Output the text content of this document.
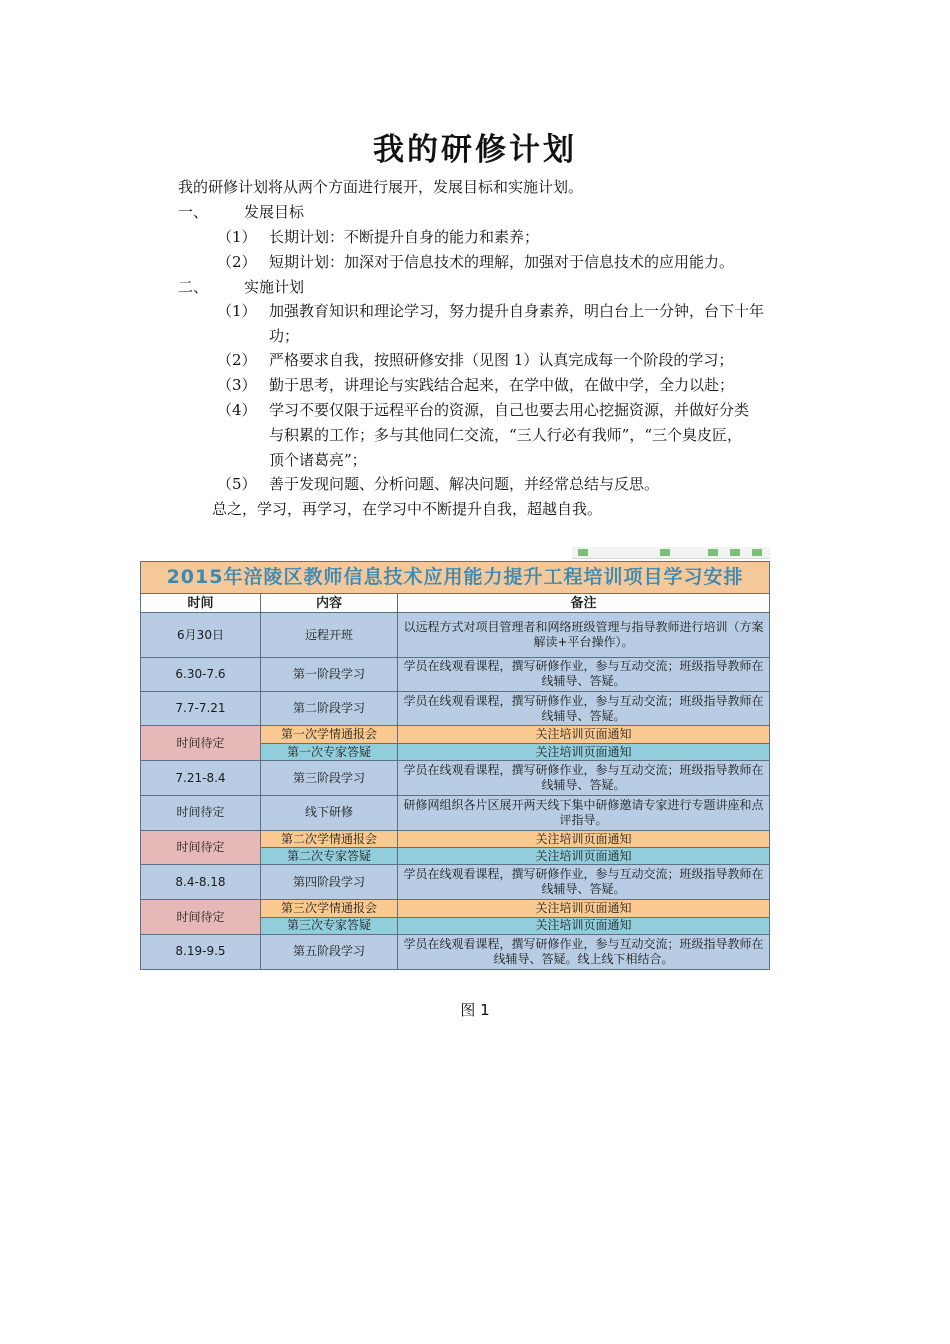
我的研修计划
我的研修计划将从两个方面进行展开，发展目标和实施计划。
一、 发展目标
（1） 长期计划：不断提升自身的能力和素养；
（2） 短期计划：加深对于信息技术的理解，加强对于信息技术的应用能力。
二、 实施计划
（1） 加强教育知识和理论学习，努力提升自身素养，明白台上一分钟，台下十年
功；
（2） 严格要求自我，按照研修安排（见图 1）认真完成每一个阶段的学习；
（3） 勤于思考，讲理论与实践结合起来，在学中做，在做中学，全力以赴；
（4） 学习不要仅限于远程平台的资源，自己也要去用心挖掘资源，并做好分类
与积累的工作；多与其他同仁交流，“三人行必有我师”，“三个臭皮匠，
顶个诸葛亮”；
（5） 善于发现问题、分析问题、解决问题，并经常总结与反思。
总之，学习，再学习，在学习中不断提升自我，超越自我。
2015年涪陵区教师信息技术应用能力提升工程培训项目学习安排		
时间	内容	备注
6月30日	远程开班	以远程方式对项目管理者和网络班级管理与指导教师进行培训（方案解读+平台操作）。
6.30-7.6	第一阶段学习	学员在线观看课程，撰写研修作业，参与互动交流；班级指导教师在线辅导、答疑。
7.7-7.21	第二阶段学习	学员在线观看课程，撰写研修作业，参与互动交流；班级指导教师在线辅导、答疑。
时间待定	第一次学情通报会	关注培训页面通知
	第一次专家答疑	关注培训页面通知
7.21-8.4	第三阶段学习	学员在线观看课程，撰写研修作业，参与互动交流；班级指导教师在线辅导、答疑。
时间待定	线下研修	研修网组织各片区展开两天线下集中研修邀请专家进行专题讲座和点评指导。
时间待定	第二次学情通报会	关注培训页面通知
	第二次专家答疑	关注培训页面通知
8.4-8.18	第四阶段学习	学员在线观看课程，撰写研修作业，参与互动交流；班级指导教师在线辅导、答疑。
时间待定	第三次学情通报会	关注培训页面通知
	第三次专家答疑	关注培训页面通知
8.19-9.5	第五阶段学习	学员在线观看课程，撰写研修作业，参与互动交流；班级指导教师在线辅导、答疑。线上线下相结合。
图 1
